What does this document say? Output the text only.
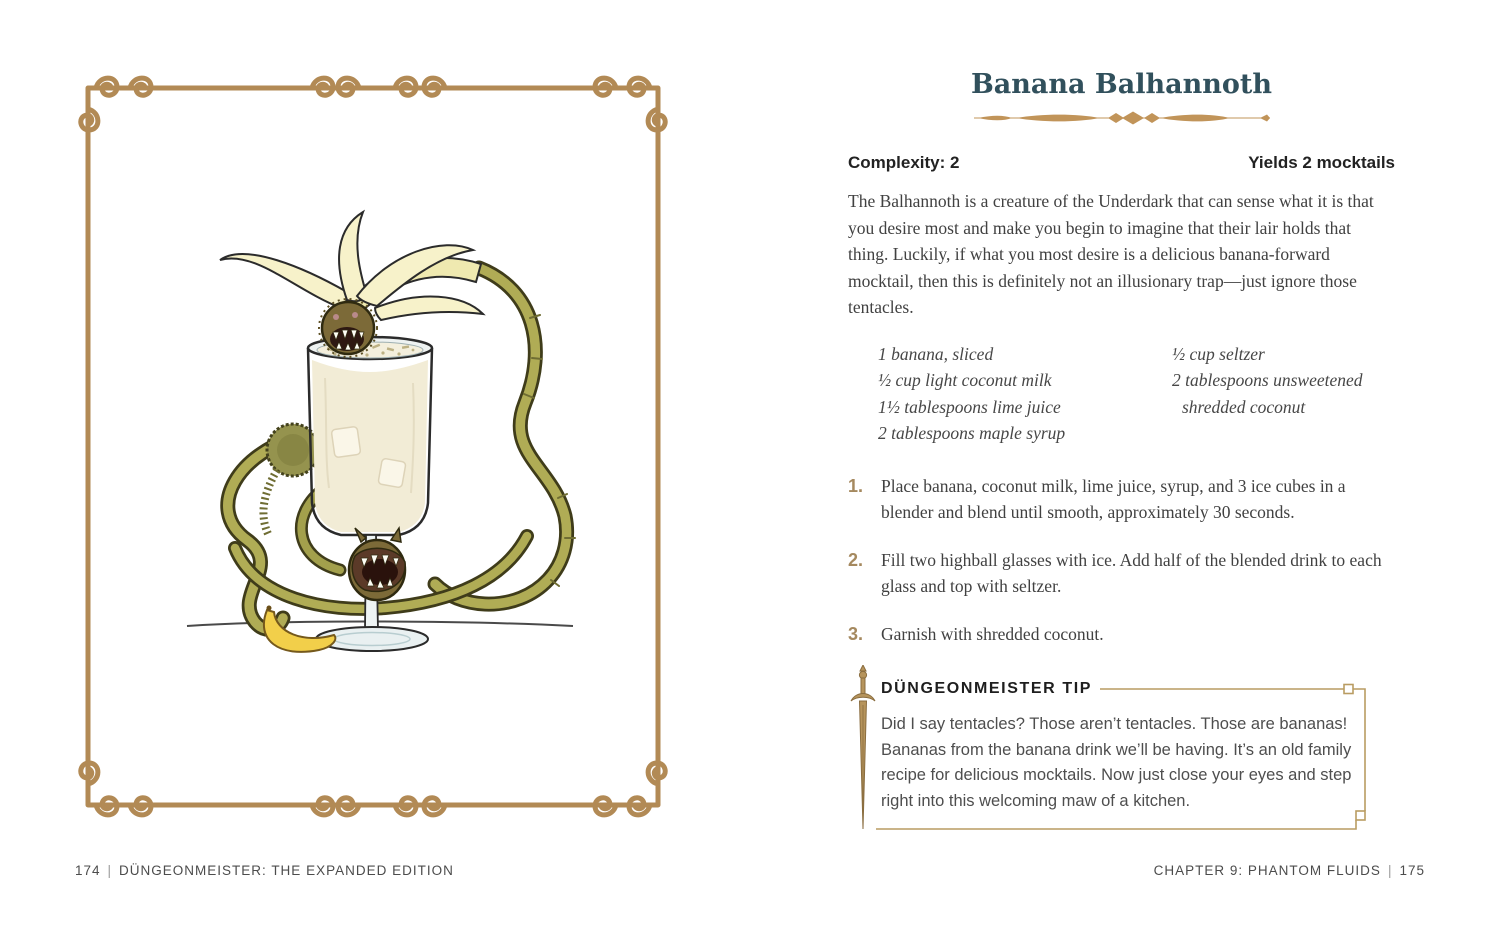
174 | DÜNGEONMEISTER: THE EXPANDED EDITION
Banana Balhannoth
Complexity: 2	Yields 2 mocktails

The Balhannoth is a creature of the Underdark that can sense what it is that you desire most and make you begin to imagine that their lair holds that thing. Luckily, if what you most desire is a delicious banana-forward mocktail, then this is definitely not an illusionary trap—just ignore those tentacles.

1 banana, sliced
½ cup light coconut milk
1½ tablespoons lime juice
2 tablespoons maple syrup
½ cup seltzer
2 tablespoons unsweetened shredded coconut
1.	Place banana, coconut milk, lime juice, syrup, and 3 ice cubes in a blender and blend until smooth, approximately 30 seconds.
2.	Fill two highball glasses with ice. Add half of the blended drink to each glass and top with seltzer.
3.	Garnish with shredded coconut.
DÜNGEONMEISTER TIP
Did I say tentacles? Those aren’t tentacles. Those are bananas! Bananas from the banana drink we’ll be having. It’s an old family recipe for delicious mocktails. Now just close your eyes and step right into this welcoming maw of a kitchen.
CHAPTER 9: PHANTOM FLUIDS | 175
